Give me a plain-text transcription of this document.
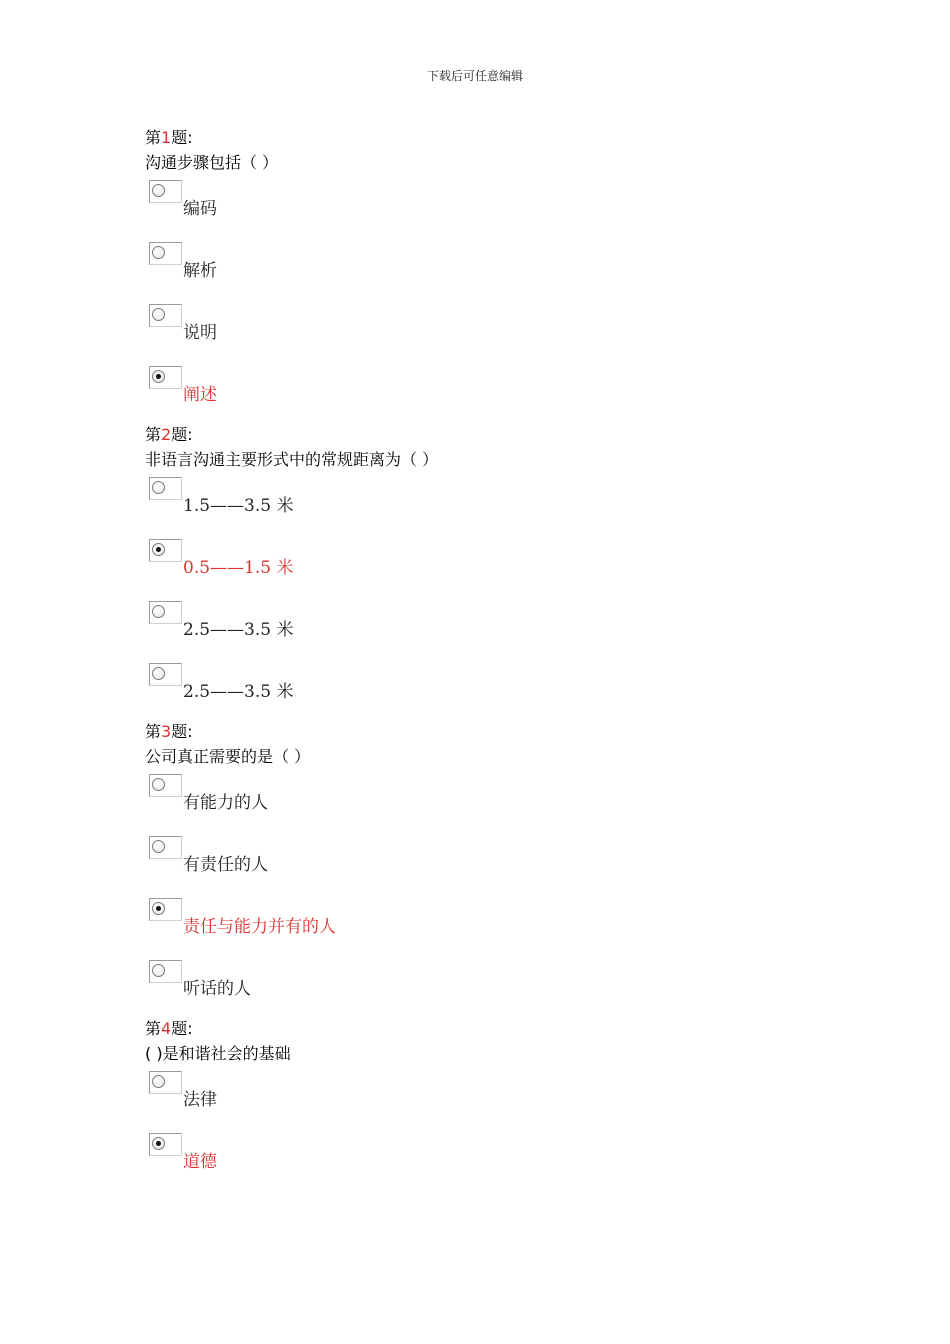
下载后可任意编辑
第1题:
沟通步骤包括（ ）
编码
解析
说明
阐述
第2题:
非语言沟通主要形式中的常规距离为（ ）
1.5——3.5 米
0.5——1.5 米
2.5——3.5 米
2.5——3.5 米
第3题:
公司真正需要的是（ ）
有能力的人
有责任的人
责任与能力并有的人
听话的人
第4题:
( )是和谐社会的基础
法律
道德
